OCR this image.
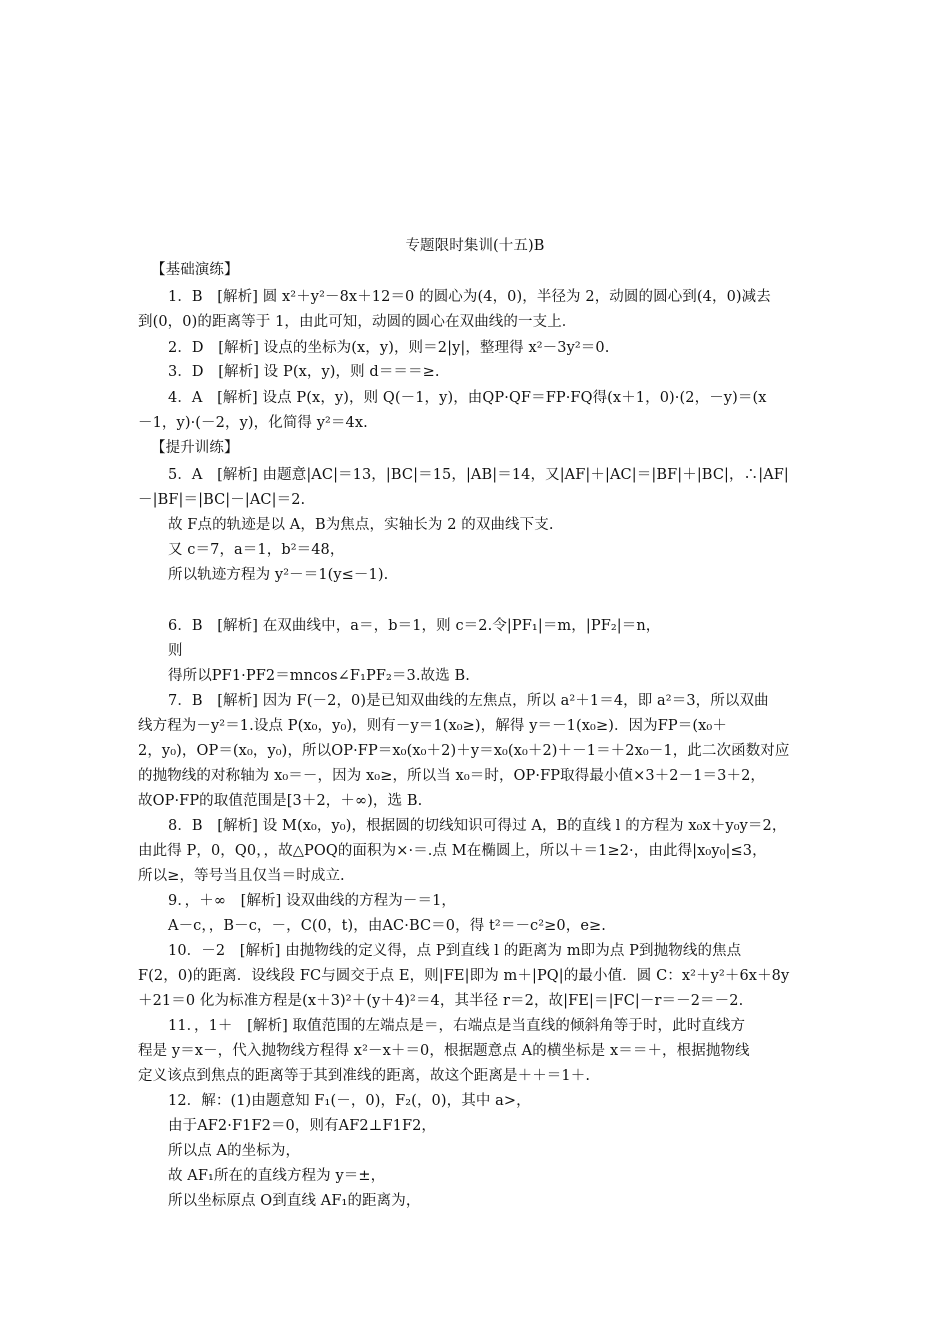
专题限时集训(十五)B
【基础演练】
1．B　[解析] 圆 x²＋y²－8x＋12＝0 的圆心为(4，0)，半径为 2，动圆的圆心到(4，0)减去
到(0，0)的距离等于 1，由此可知，动圆的圆心在双曲线的一支上．
2．D　[解析] 设点的坐标为(x，y)，则＝2|y|，整理得 x²－3y²＝0.
3．D　[解析] 设 P(x，y)，则 d＝＝＝≥.
4．A　[解析] 设点 P(x，y)，则 Q(－1，y)，由QP·QF＝FP·FQ得(x＋1，0)·(2，－y)＝(x
－1，y)·(－2，y)，化简得 y²＝4x.
【提升训练】
5．A　[解析] 由题意|AC|＝13，|BC|＝15，|AB|＝14，又|AF|＋|AC|＝|BF|＋|BC|，∴|AF|
－|BF|＝|BC|－|AC|＝2.
故 F点的轨迹是以 A，B为焦点，实轴长为 2 的双曲线下支.
又 c＝7，a＝1，b²＝48，
所以轨迹方程为 y²－＝1(y≤－1).
6．B　[解析] 在双曲线中，a＝，b＝1，则 c＝2.令|PF₁|＝m，|PF₂|＝n，
则
得所以PF1·PF2＝mncos∠F₁PF₂＝3.故选 B.
7．B　[解析] 因为 F(－2，0)是已知双曲线的左焦点，所以 a²＋1＝4，即 a²＝3，所以双曲
线方程为－y²＝1.设点 P(x₀，y₀)，则有－y＝1(x₀≥)，解得 y＝－1(x₀≥)．因为FP＝(x₀＋
2，y₀)，OP＝(x₀，y₀)，所以OP·FP＝x₀(x₀＋2)＋y＝x₀(x₀＋2)＋－1＝＋2x₀－1，此二次函数对应
的抛物线的对称轴为 x₀＝－，因为 x₀≥，所以当 x₀＝时，OP·FP取得最小值×3＋2－1＝3＋2，
故OP·FP的取值范围是[3＋2，＋∞)，选 B.
8．B　[解析] 设 M(x₀，y₀)，根据圆的切线知识可得过 A，B的直线 l 的方程为 x₀x＋y₀y＝2，
由此得 P，0，Q0，，故△POQ的面积为×·＝.点 M在椭圆上，所以＋＝1≥2·，由此得|x₀y₀|≤3，
所以≥，等号当且仅当＝时成立.
9．，＋∞　[解析] 设双曲线的方程为－＝1，
A－c，，B－c，－，C(0，t)，由AC·BC＝0，得 t²＝－c²≥0，e≥.
10．－2　[解析] 由抛物线的定义得，点 P到直线 l 的距离为 m即为点 P到抛物线的焦点
F(2，0)的距离．设线段 FC与圆交于点 E，则|FE|即为 m＋|PQ|的最小值．圆 C：x²＋y²＋6x＋8y
＋21＝0 化为标准方程是(x＋3)²＋(y＋4)²＝4，其半径 r＝2，故|FE|＝|FC|－r＝－2＝－2.
11．，1＋　[解析] 取值范围的左端点是＝，右端点是当直线的倾斜角等于时，此时直线方
程是 y＝x－，代入抛物线方程得 x²－x＋＝0，根据题意点 A的横坐标是 x＝＝＋，根据抛物线
定义该点到焦点的距离等于其到准线的距离，故这个距离是＋＋＝1＋.
12．解：(1)由题意知 F₁(－，0)，F₂(，0)，其中 a>，
由于AF2·F1F2＝0，则有AF2⊥F1F2，
所以点 A的坐标为，
故 AF₁所在的直线方程为 y＝±，
所以坐标原点 O到直线 AF₁的距离为，
